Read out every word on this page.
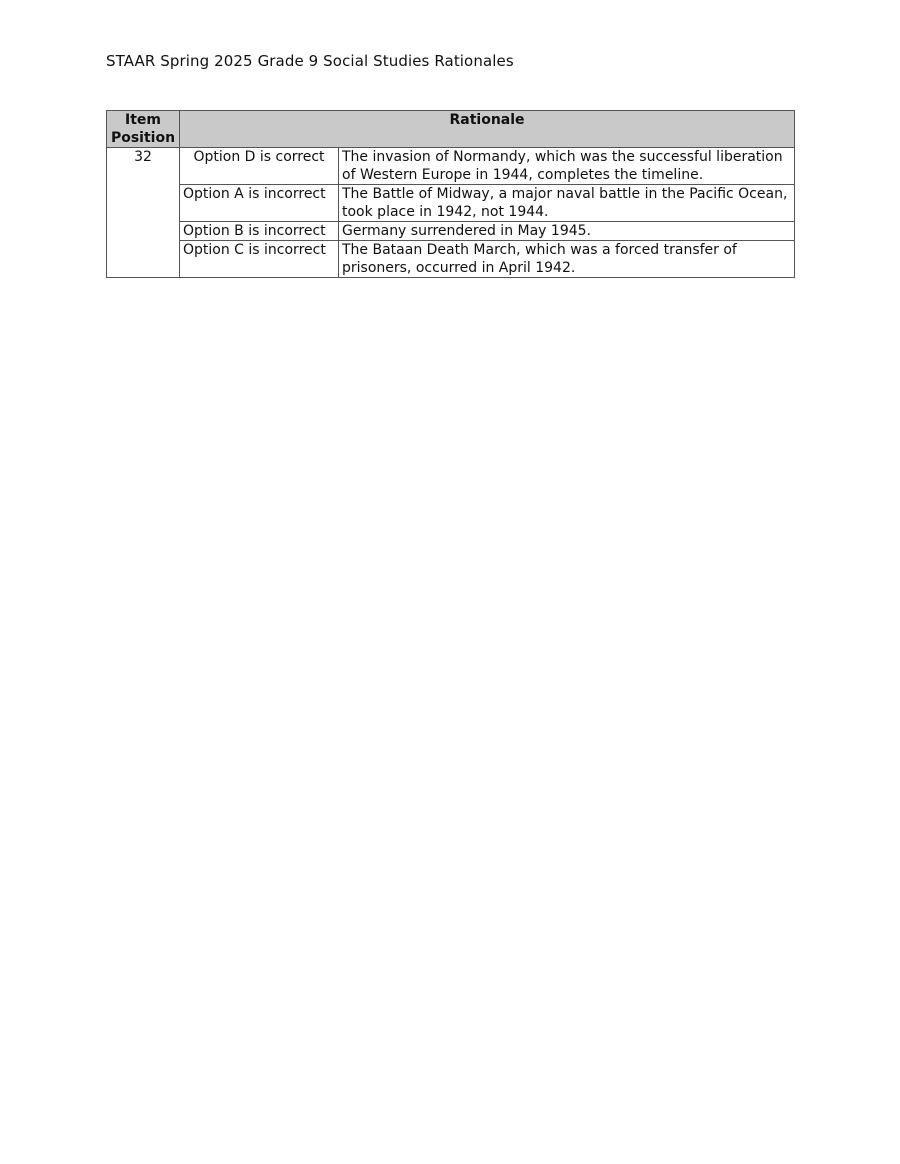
STAAR Spring 2025 Grade 9 Social Studies Rationales
Item Position	Rationale	
32	Option D is correct	The invasion of Normandy, which was the successful liberation of Western Europe in 1944, completes the timeline.
	Option A is incorrect	The Battle of Midway, a major naval battle in the Pacific Ocean, took place in 1942, not 1944.
	Option B is incorrect	Germany surrendered in May 1945.
	Option C is incorrect	The Bataan Death March, which was a forced transfer of prisoners, occurred in April 1942.
